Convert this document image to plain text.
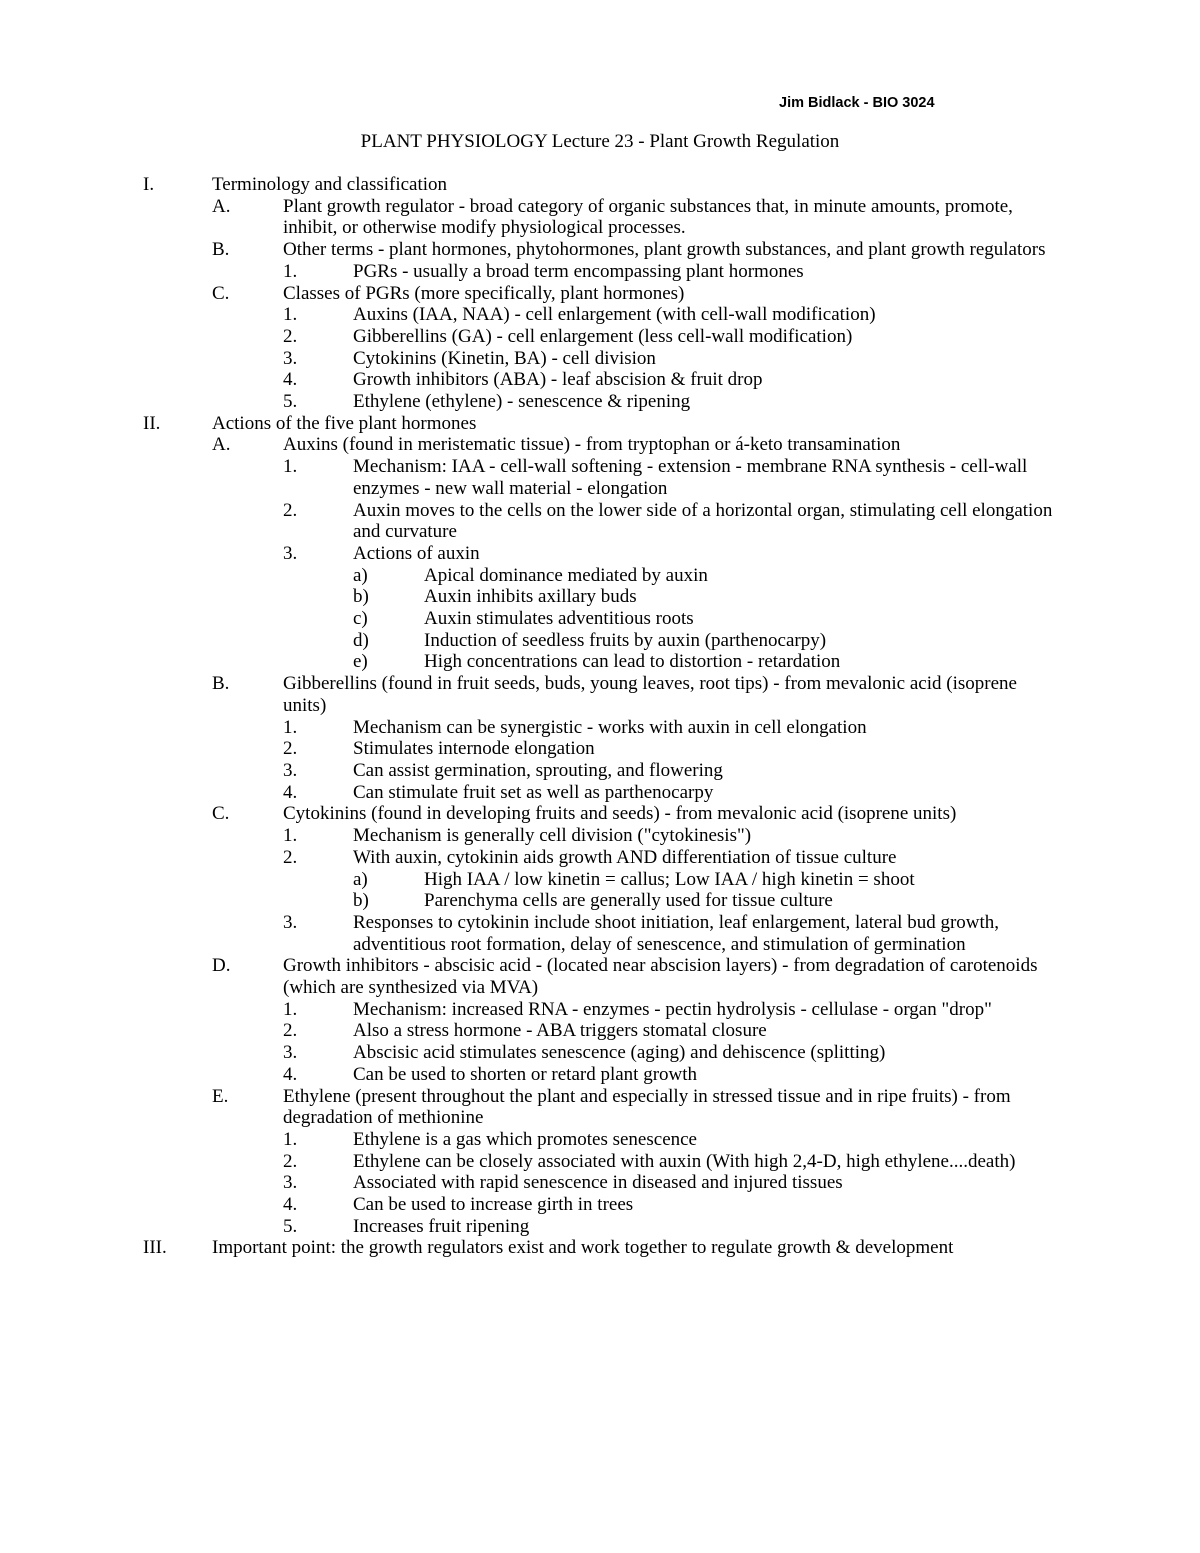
Jim Bidlack - BIO 3024
PLANT PHYSIOLOGY Lecture 23 - Plant Growth Regulation
I.	Terminology and classification
A.	Plant growth regulator - broad category of organic substances that, in minute amounts, promote, inhibit, or otherwise modify physiological processes.
B.	Other terms - plant hormones, phytohormones, plant growth substances, and plant growth regulators
1.	PGRs - usually a broad term encompassing plant hormones
C.	Classes of PGRs (more specifically, plant hormones)
1.	Auxins (IAA, NAA) - cell enlargement (with cell-wall modification)
2.	Gibberellins (GA) - cell enlargement (less cell-wall modification)
3.	Cytokinins (Kinetin, BA) - cell division
4.	Growth inhibitors (ABA) - leaf abscision & fruit drop
5.	Ethylene (ethylene) - senescence & ripening
II.	Actions of the five plant hormones
A.	Auxins (found in meristematic tissue) - from tryptophan or á-keto transamination
1.	Mechanism: IAA - cell-wall softening - extension - membrane RNA synthesis - cell-wall enzymes - new wall material - elongation
2.	Auxin moves to the cells on the lower side of a horizontal organ, stimulating cell elongation and curvature
3.	Actions of auxin
a)	Apical dominance mediated by auxin
b)	Auxin inhibits axillary buds
c)	Auxin stimulates adventitious roots
d)	Induction of seedless fruits by auxin (parthenocarpy)
e)	High concentrations can lead to distortion - retardation
B.	Gibberellins (found in fruit seeds, buds, young leaves, root tips) - from mevalonic acid (isoprene units)
1.	Mechanism can be synergistic - works with auxin in cell elongation
2.	Stimulates internode elongation
3.	Can assist germination, sprouting, and flowering
4.	Can stimulate fruit set as well as parthenocarpy
C.	Cytokinins (found in developing fruits and seeds) - from mevalonic acid (isoprene units)
1.	Mechanism is generally cell division ("cytokinesis")
2.	With auxin, cytokinin aids growth AND differentiation of tissue culture
a)	High IAA / low kinetin = callus; Low IAA / high kinetin = shoot
b)	Parenchyma cells are generally used for tissue culture
3.	Responses to cytokinin include shoot initiation, leaf enlargement, lateral bud growth, adventitious root formation, delay of senescence, and stimulation of germination
D.	Growth inhibitors - abscisic acid - (located near abscision layers) - from degradation of carotenoids (which are synthesized via MVA)
1.	Mechanism: increased RNA - enzymes - pectin hydrolysis - cellulase - organ "drop"
2.	Also a stress hormone - ABA triggers stomatal closure
3.	Abscisic acid stimulates senescence (aging) and dehiscence (splitting)
4.	Can be used to shorten or retard plant growth
E.	Ethylene (present throughout the plant and especially in stressed tissue and in ripe fruits) - from degradation of methionine
1.	Ethylene is a gas which promotes senescence
2.	Ethylene can be closely associated with auxin (With high 2,4-D, high ethylene....death)
3.	Associated with rapid senescence in diseased and injured tissues
4.	Can be used to increase girth in trees
5.	Increases fruit ripening
III. Important point: the growth regulators exist and work together to regulate growth & development
